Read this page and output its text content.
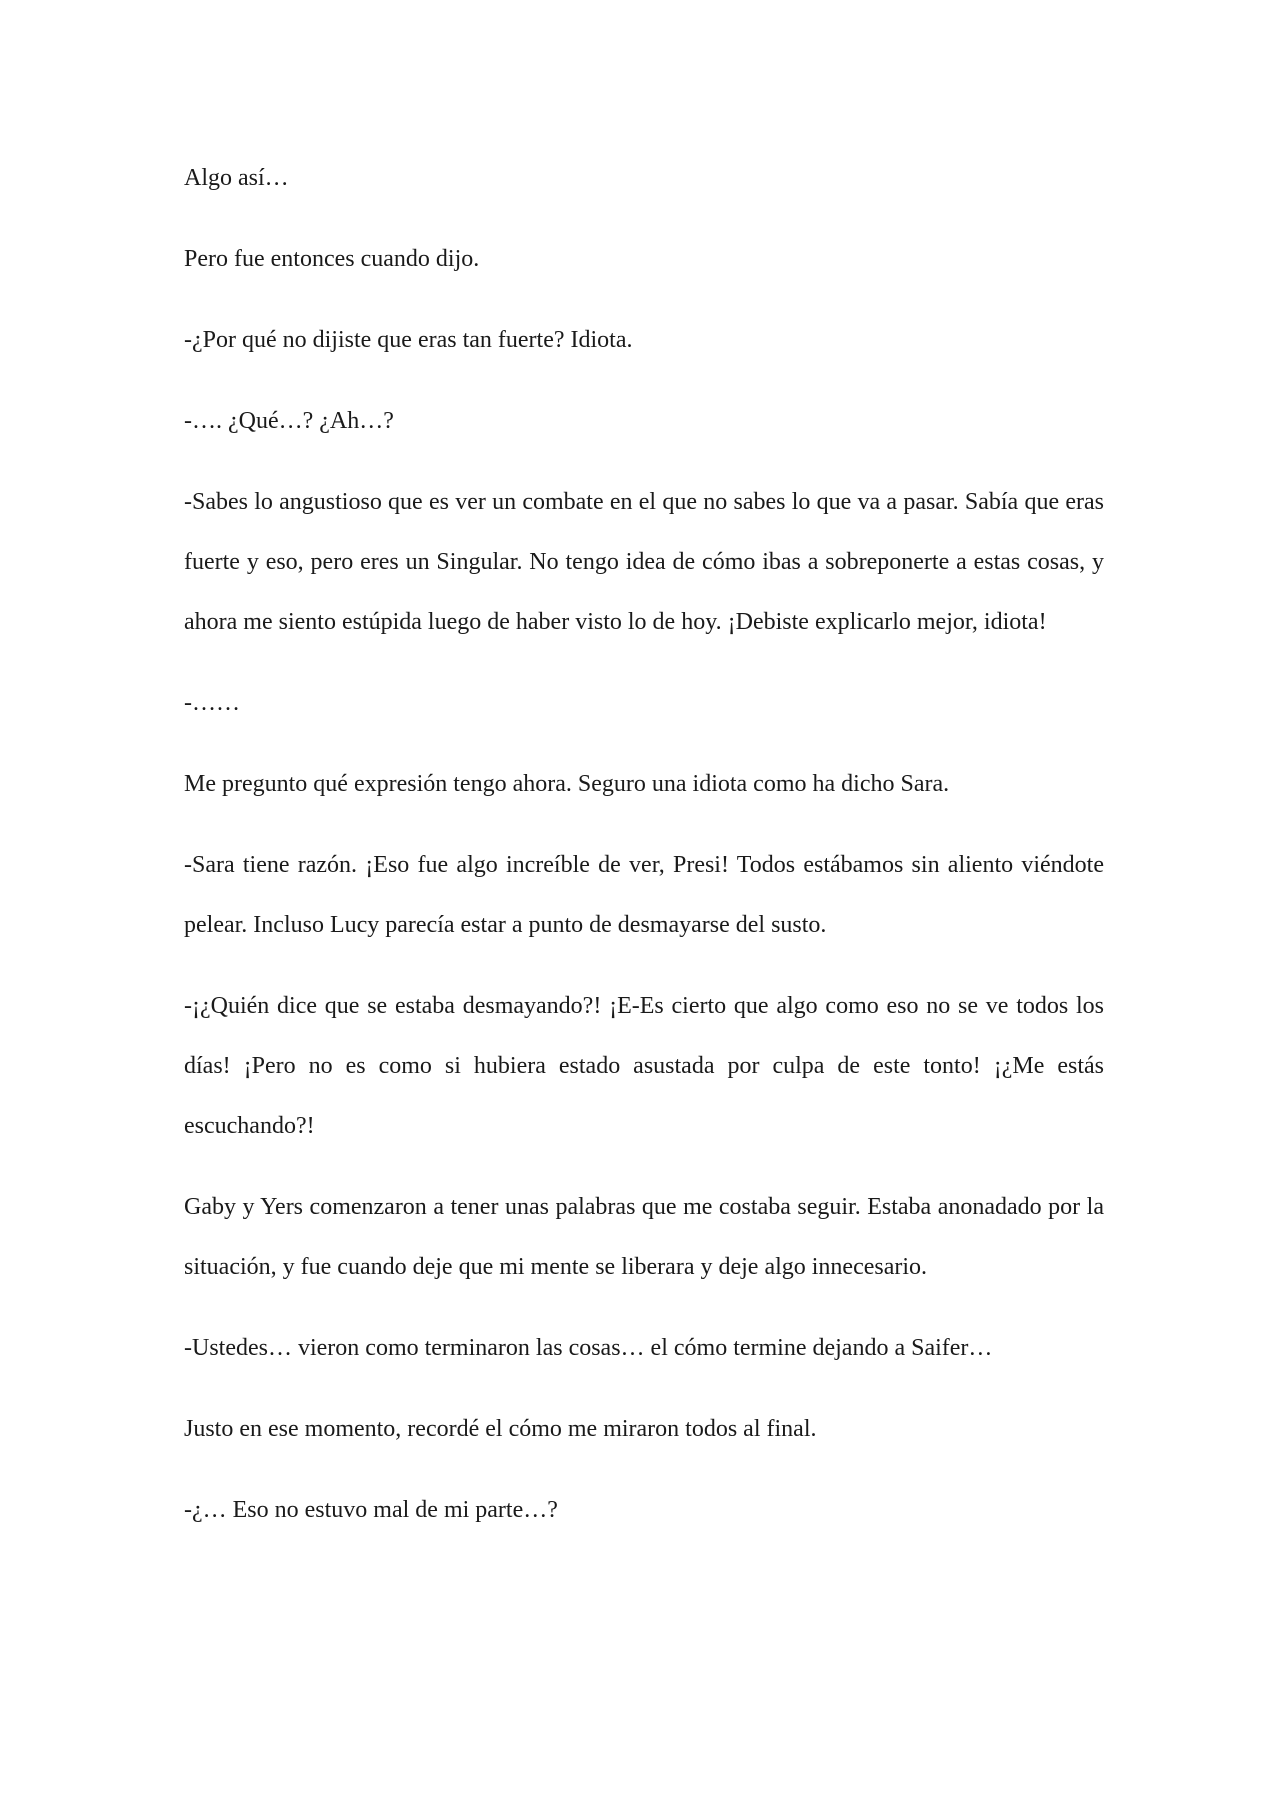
Algo así…

Pero fue entonces cuando dijo.

-¿Por qué no dijiste que eras tan fuerte? Idiota.

-…. ¿Qué…? ¿Ah…?

-Sabes lo angustioso que es ver un combate en el que no sabes lo que va a pasar. Sabía que eras fuerte y eso, pero eres un Singular. No tengo idea de cómo ibas a sobreponerte a estas cosas, y ahora me siento estúpida luego de haber visto lo de hoy. ¡Debiste explicarlo mejor, idiota!

-……

Me pregunto qué expresión tengo ahora. Seguro una idiota como ha dicho Sara.

-Sara tiene razón. ¡Eso fue algo increíble de ver, Presi! Todos estábamos sin aliento viéndote pelear. Incluso Lucy parecía estar a punto de desmayarse del susto.

-¡¿Quién dice que se estaba desmayando?! ¡E-Es cierto que algo como eso no se ve todos los días! ¡Pero no es como si hubiera estado asustada por culpa de este tonto! ¡¿Me estás escuchando?!

Gaby y Yers comenzaron a tener unas palabras que me costaba seguir. Estaba anonadado por la situación, y fue cuando deje que mi mente se liberara y deje algo innecesario.

-Ustedes… vieron como terminaron las cosas… el cómo termine dejando a Saifer…

Justo en ese momento, recordé el cómo me miraron todos al final.

-¿… Eso no estuvo mal de mi parte…?
